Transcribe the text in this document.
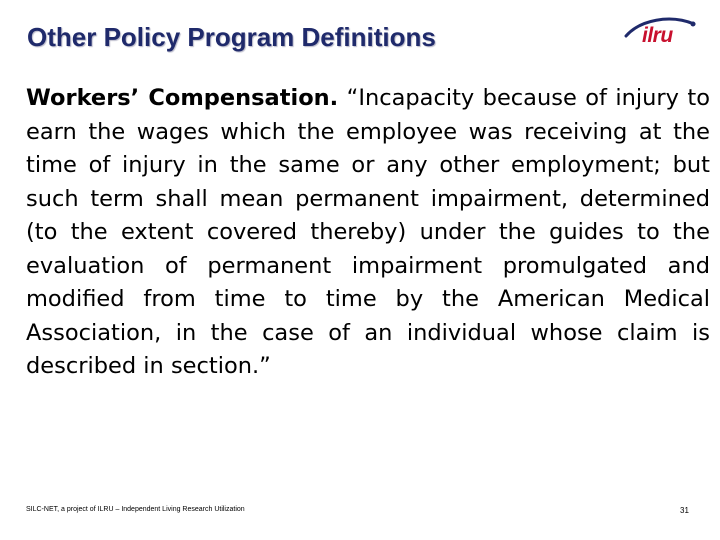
Other Policy Program Definitions	ilru

Workers’ Compensation. “Incapacity because of injury to earn the wages which the employee was receiving at the time of injury in the same or any other employment; but such term shall mean permanent impairment, determined (to the extent covered thereby) under the guides to the evaluation of permanent impairment promulgated and modified from time to time by the American Medical Association, in the case of an individual whose claim is described in section.”

SILC-NET, a project of ILRU – Independent Living Research Utilization	31
